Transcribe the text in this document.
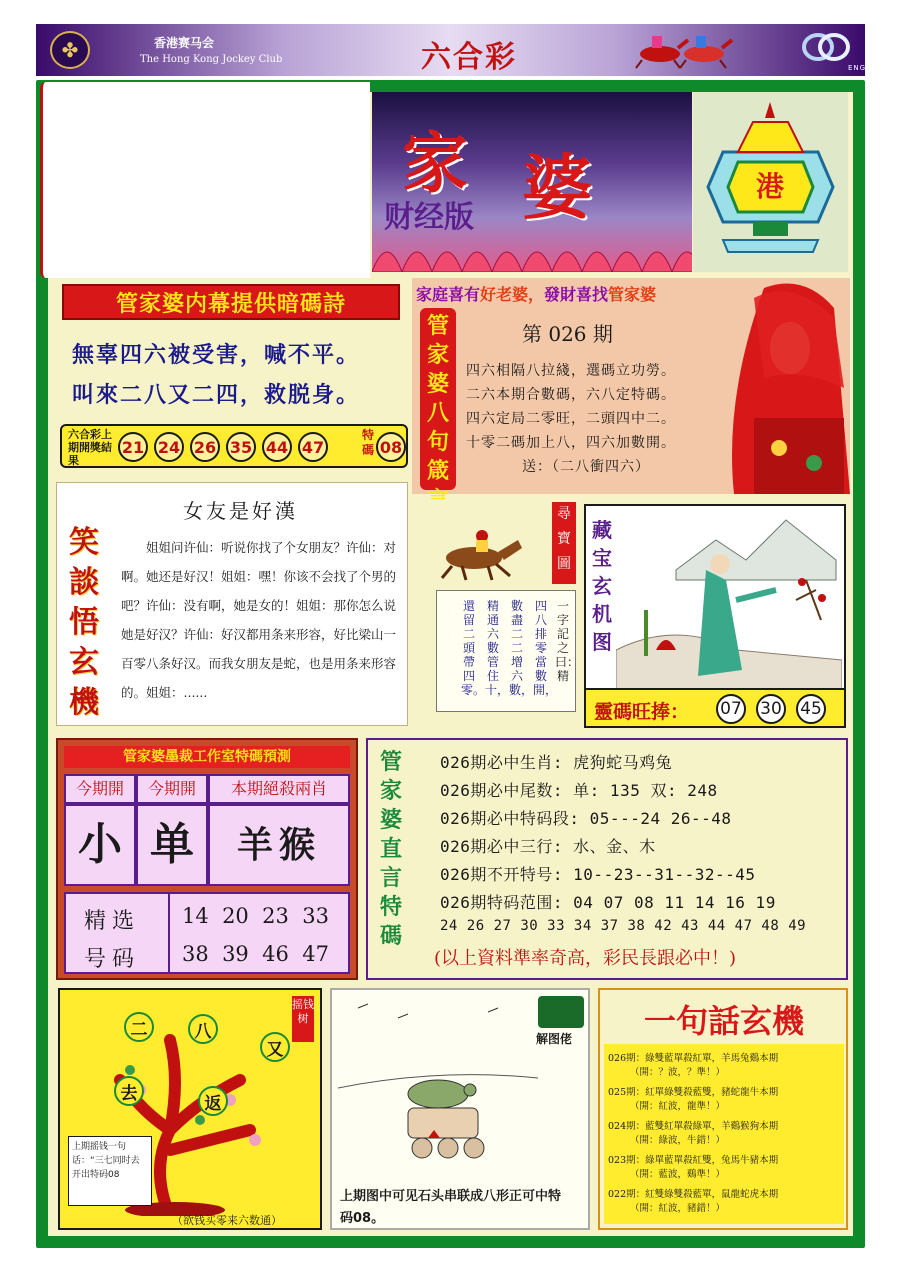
✤	香港赛马会
The Hong Kong Jockey Club	六合彩	ENGLISH
家 婆
财经版
港
管家婆内幕提供暗碼詩
無辜四六被受害，喊不平。
叫來二八又二四，救脱身。
六合彩上期開獎結果
21 24 26 35 44 47
特碼 08
家庭喜有好老婆，發財喜找管家婆
管家婆八句箴
第 026 期
四六相隔八拉綫，選碼立功勞。
二六本期合數碼，六八定特碼。
四六定局二零旺，二頭四中二。
十零二碼加上八，四六加數開。
送：（二八衝四六）
笑談悟玄機
女友是好漢
姐姐问许仙：听说你找了个女朋友？许仙：对啊。她还是好汉！姐姐：嘿！你该不会找了个男的吧？许仙：没有啊，她是女的！姐姐：那你怎么说她是好汉？许仙：好汉都用条来形容，好比梁山一百零八条好汉。而我女朋友是蛇，也是用条来形容的。姐姐：......
一字記之曰：精
四八排零當數開，
數盡二二增六數，
精通六數管住十，
還留二頭帶四零。
尋寶圖
藏宝玄机图
靈碼旺捧： 07 30 45
管家婆墨裁工作室特碼預測
今期開	今期開	本期絕殺兩肖
小 单	羊猴
精选
号码
14  20  23  33
38  39  46  47
管家婆直言特碼
026期必中生肖: 虎狗蛇马鸡兔
026期必中尾数: 单: 135 双: 248
026期必中特码段: 05---24 26--48
026期必中三行: 水、金、木
026期不开特号: 10--23--31--32--45
026期特码范围: 04 07 08 11 14 16 19
24 26 27 30 33 34 37 38 42 43 44 47 48 49
(以上資料準率奇高，彩民長跟必中！)
二	八
又
去	返
摇钱树
上期摇钱一句话：“三七同时去开出特码08
（欲钱买零来六数通）
上期图中可见石头串联成八形正可中特码08。
解图佬	一句話玄機
026期：綠雙藍單殺紅單，羊馬兔鷄本期
（開：？波，？準！）
025期：紅單綠雙殺藍雙，豬蛇龍牛本期
（開：紅波，龍準！）
024期：藍雙紅單殺綠單，羊鷄猴狗本期
（開：綠波，牛錯！）
023期：綠單藍單殺紅雙，兔馬牛豬本期
（開：藍波，鷄準！）
022期：紅雙綠雙殺藍單，鼠龍蛇虎本期
（開：紅波，豬錯！）
